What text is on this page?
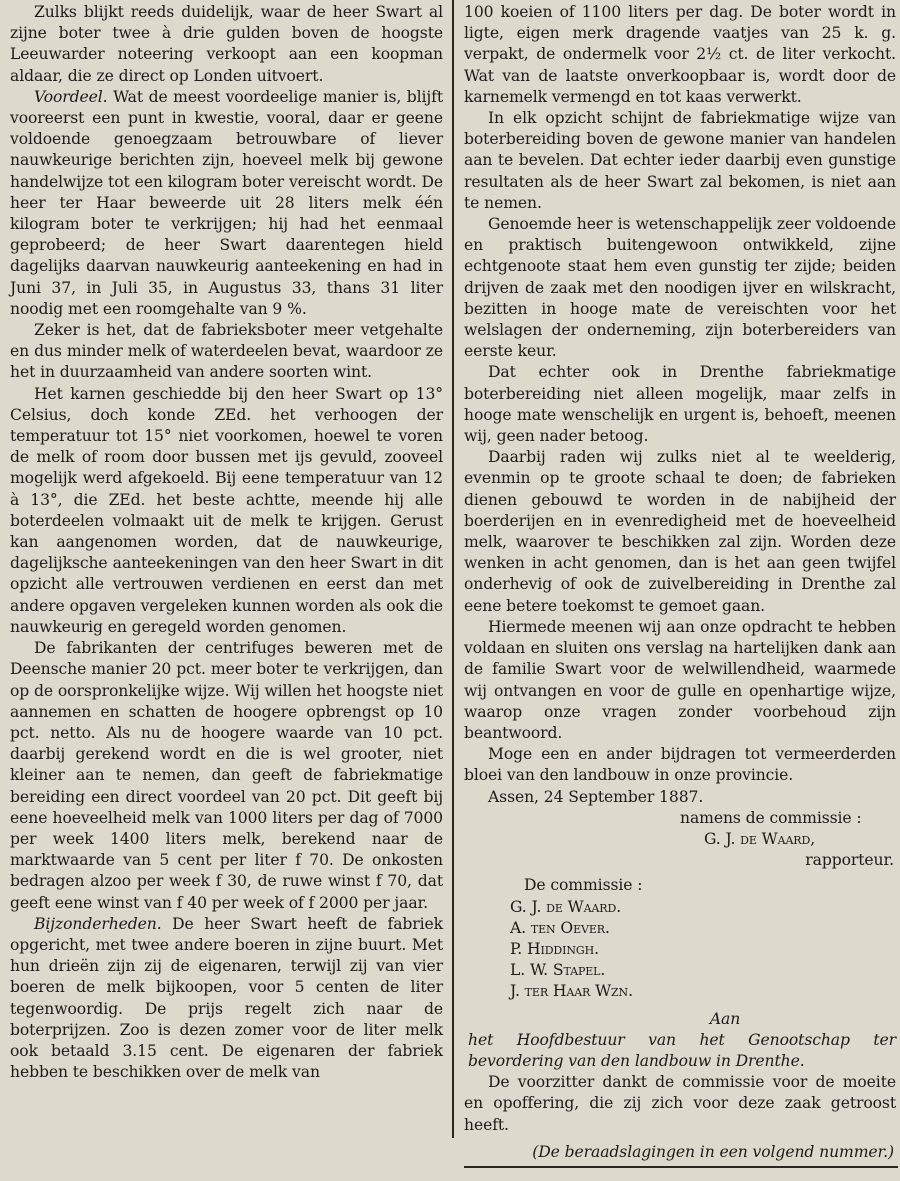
Zulks blijkt reeds duidelijk, waar de heer Swart al zijne boter twee à drie gulden boven de hoogste Leeuwarder notеering verkoopt aan een koopman aldaar, die ze direct op Londen uitvoert.

Voordeel. Wat de meest voordeelige manier is, blijft vooreerst een punt in kwestie, vooral, daar er geene voldoende genoegzaam betrouwbare of liever nauwkeurige berichten zijn, hoeveel melk bij gewone handelwijze tot een kilogram boter vereischt wordt. De heer ter Haar beweerde uit 28 liters melk één kilogram boter te verkrijgen; hij had het eenmaal geprobeerd; de heer Swart daarentegen hield dagelijks daarvan nauwkeurig aanteekening en had in Juni 37, in Juli 35, in Augustus 33, thans 31 liter noodig met een roomgehalte van 9 %.

Zeker is het, dat de fabrieksboter meer vetgehalte en dus minder melk of waterdeelen bevat, waardoor ze het in duurzaamheid van andere soorten wint.

Het karnen geschiedde bij den heer Swart op 13° Celsius, doch konde ZEd. het verhoogen der temperatuur tot 15° niet voorkomen, hoewel te voren de melk of room door bussen met ijs gevuld, zooveel mogelijk werd afgekoeld. Bij eene temperatuur van 12 à 13°, die ZEd. het beste achtte, meende hij alle boterdeelen volmaakt uit de melk te krijgen. Gerust kan aangenomen worden, dat de nauwkeurige, dagelijksche aanteekeningen van den heer Swart in dit opzicht alle vertrouwen verdienen en eerst dan met andere opgaven vergeleken kunnen worden als ook die nauwkeurig en geregeld worden genomen.

De fabrikanten der centrifuges beweren met de Deensche manier 20 pct. meer boter te verkrijgen, dan op de oorspronkelijke wijze. Wij willen het hoogste niet aannemen en schatten de hoogere opbrengst op 10 pct. netto. Als nu de hoogere waarde van 10 pct. daarbij gerekend wordt en die is wel grooter, niet kleiner aan te nemen, dan geeft de fabriekmatige bereiding een direct voordeel van 20 pct. Dit geeft bij eene hoeveelheid melk van 1000 liters per dag of 7000 per week 1400 liters melk, berekend naar de marktwaarde van 5 cent per liter f 70. De onkosten bedragen alzoo per week f 30, de ruwe winst f 70, dat geeft eene winst van f 40 per week of f 2000 per jaar.

Bijzonderheden. De heer Swart heeft de fabriek opgericht, met twee andere boeren in zijne buurt. Met hun drieën zijn zij de eigenaren, terwijl zij van vier boeren de melk bijkoopen, voor 5 centen de liter tegenwoordig. De prijs regelt zich naar de boterprijzen. Zoo is dezen zomer voor de liter melk ook betaald 3.15 cent. De eigenaren der fabriek hebben te beschikken over de melk van

100 koeien of 1100 liters per dag. De boter wordt in ligte, eigen merk dragende vaatjes van 25 k. g. verpakt, de ondermelk voor 2½ ct. de liter verkocht. Wat van de laatste onverkoopbaar is, wordt door de karnemelk vermengd en tot kaas verwerkt.

In elk opzicht schijnt de fabriekmatige wijze van boterbereiding boven de gewone manier van handelen aan te bevelen. Dat echter ieder daarbij even gunstige resultaten als de heer Swart zal bekomen, is niet aan te nemen.

Genoemde heer is wetenschappelijk zeer voldoende en praktisch buitengewoon ontwikkeld, zijne echtgenoote staat hem even gunstig ter zijde; beiden drijven de zaak met den noodigen ijver en wilskracht, bezitten in hooge mate de vereischten voor het welslagen der onderneming, zijn boterbereiders van eerste keur.

Dat echter ook in Drenthe fabriekmatige boterbereiding niet alleen mogelijk, maar zelfs in hooge mate wenschelijk en urgent is, behoeft, meenen wij, geen nader betoog.

Daarbij raden wij zulks niet al te weelderig, evenmin op te groote schaal te doen; de fabrieken dienen gebouwd te worden in de nabijheid der boerderijen en in evenredigheid met de hoeveelheid melk, waarover te beschikken zal zijn. Worden deze wenken in acht genomen, dan is het aan geen twijfel onderhevig of ook de zuivelbereiding in Drenthe zal eene betere toekomst te gemoet gaan.

Hiermede meenen wij aan onze opdracht te hebben voldaan en sluiten ons verslag na hartelijken dank aan de familie Swart voor de welwillendheid, waarmede wij ontvangen en voor de gulle en openhartige wijze, waarop onze vragen zonder voorbehoud zijn beantwoord.

Moge een en ander bijdragen tot vermeerderden bloei van den landbouw in onze provincie.

Assen, 24 September 1887.

namens de commissie :
G. J. de Waard,
rapporteur.
De commissie :
G. J. de Waard.
A. ten Oever.
P. Hiddingh.
L. W. Stapel.
J. ter Haar Wzn.
Aan

het Hoofdbestuur van het Genootschap ter bevordering van den landbouw in Drenthe.

De voorzitter dankt de commissie voor de moeite en opoffering, die zij zich voor deze zaak getroost heeft.

(De beraadslagingen in een volgend nummer.)
